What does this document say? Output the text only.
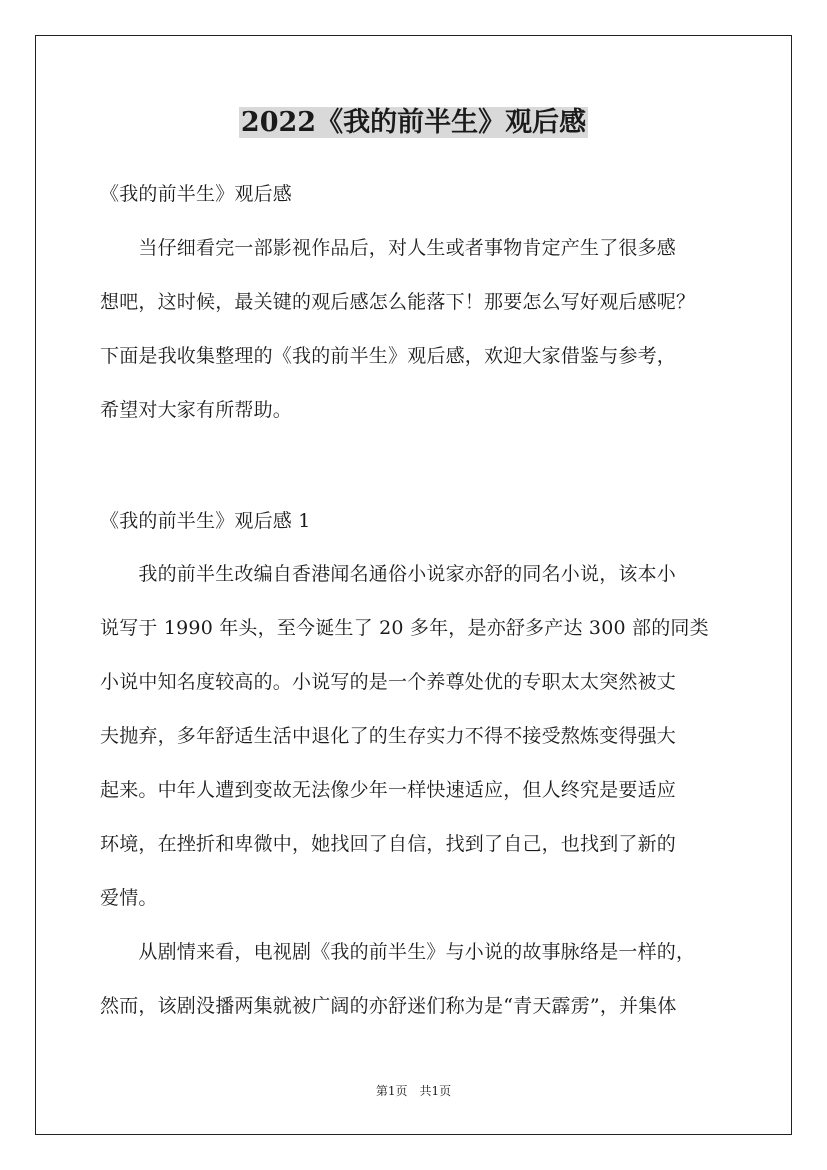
2022《我的前半生》观后感
《我的前半生》观后感
　　当仔细看完一部影视作品后，对人生或者事物肯定产生了很多感
想吧，这时候，最关键的观后感怎么能落下！那要怎么写好观后感呢？
下面是我收集整理的《我的前半生》观后感，欢迎大家借鉴与参考，
希望对大家有所帮助。
《我的前半生》观后感 1
　　我的前半生改编自香港闻名通俗小说家亦舒的同名小说，该本小
说写于 1990 年头，至今诞生了 20 多年，是亦舒多产达 300 部的同类
小说中知名度较高的。小说写的是一个养尊处优的专职太太突然被丈
夫抛弃，多年舒适生活中退化了的生存实力不得不接受熬炼变得强大
起来。中年人遭到变故无法像少年一样快速适应，但人终究是要适应
环境，在挫折和卑微中，她找回了自信，找到了自己，也找到了新的
爱情。
　　从剧情来看，电视剧《我的前半生》与小说的故事脉络是一样的，
然而，该剧没播两集就被广阔的亦舒迷们称为是“青天霹雳”，并集体
第1页　共1页
